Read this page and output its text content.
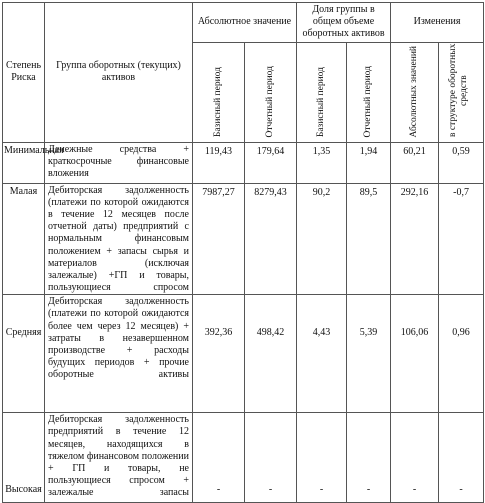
Степень Риска	Группа оборотных (текущих) активов	Абсолютное значение		Доля группы в общем объеме оборотных активов		Изменения	

		Базисный период	Отчетный период	Базисный период	Отчетный период	Абсолютных значений	в структуре оборотных средств

Минимальная	Денежные средства + краткосрочные финансовые вложения	119,43	179,64	1,35	1,94	60,21	0,59
Малая	Дебиторская задолженность (платежи по которой ожидаются в течение 12 месяцев после отчетной даты) предприятий с нормальным финансовым положением + запасы сырья и материалов (исключая залежалые) +ГП и товары, пользующиеся спросом	7987,27	8279,43	90,2	89,5	292,16	-0,7
Средняя	Дебиторская задолженность (платежи по которой ожидаются более чем через 12 месяцев) + затраты в незавершенном производстве + расходы будущих периодов + прочие оборотные активы	392,36	498,42	4,43	5,39	106,06	0,96
Высокая	Дебиторская задолженность предприятий в течение 12 месяцев, находящихся в тяжелом финансовом положении + ГП и товары, не пользующиеся спросом + залежалые запасы	-	-	-	-	-	-
